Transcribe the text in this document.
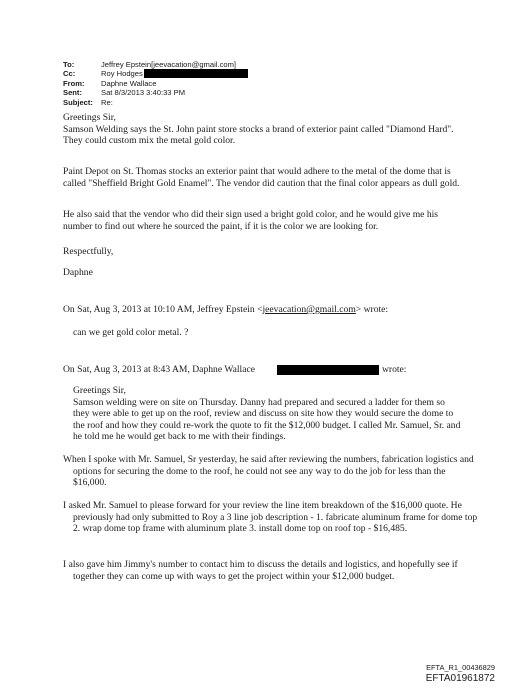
To:	Jeffrey Epstein[jeevacation@gmail.com]
Cc:	Roy Hodges
From:	Daphne Wallace
Sent:	Sat 8/3/2013 3:40:33 PM
Subject:	Re:

Greetings Sir,

Samson Welding says the St. John paint store stocks a brand of exterior paint called "Diamond Hard". They could custom mix the metal gold color.

Paint Depot on St. Thomas stocks an exterior paint that would adhere to the metal of the dome that is called "Sheffield Bright Gold Enamel". The vendor did caution that the final color appears as dull gold.

He also said that the vendor who did their sign used a bright gold color, and he would give me his number to find out where he sourced the paint, if it is the color we are looking for.

Respectfully,

Daphne

On Sat, Aug 3, 2013 at 10:10 AM, Jeffrey Epstein <jeevacation@gmail.com> wrote:

can we get gold color metal. ?

On Sat, Aug 3, 2013 at 8:43 AM, Daphne Wallace	wrote:

Greetings Sir,

Samson welding were on site on Thursday. Danny had prepared and secured a ladder for them so they were able to get up on the roof, review and discuss on site how they would secure the dome to the roof and how they could re-work the quote to fit the $12,000 budget. I called Mr. Samuel, Sr. and he told me he would get back to me with their findings.

When I spoke with Mr. Samuel, Sr yesterday, he said after reviewing the numbers, fabrication logistics and options for securing the dome to the roof, he could not see any way to do the job for less than the $16,000.

I asked Mr. Samuel to please forward for your review the line item breakdown of the $16,000 quote. He previously had only submitted to Roy a 3 line job description - 1. fabricate aluminum frame for dome top 2. wrap dome top frame with aluminum plate 3. install dome top on roof top - $16,485.

I also gave him Jimmy's number to contact him to discuss the details and logistics, and hopefully see if together they can come up with ways to get the project within your $12,000 budget.

EFTA_R1_00436829
EFTA01961872
